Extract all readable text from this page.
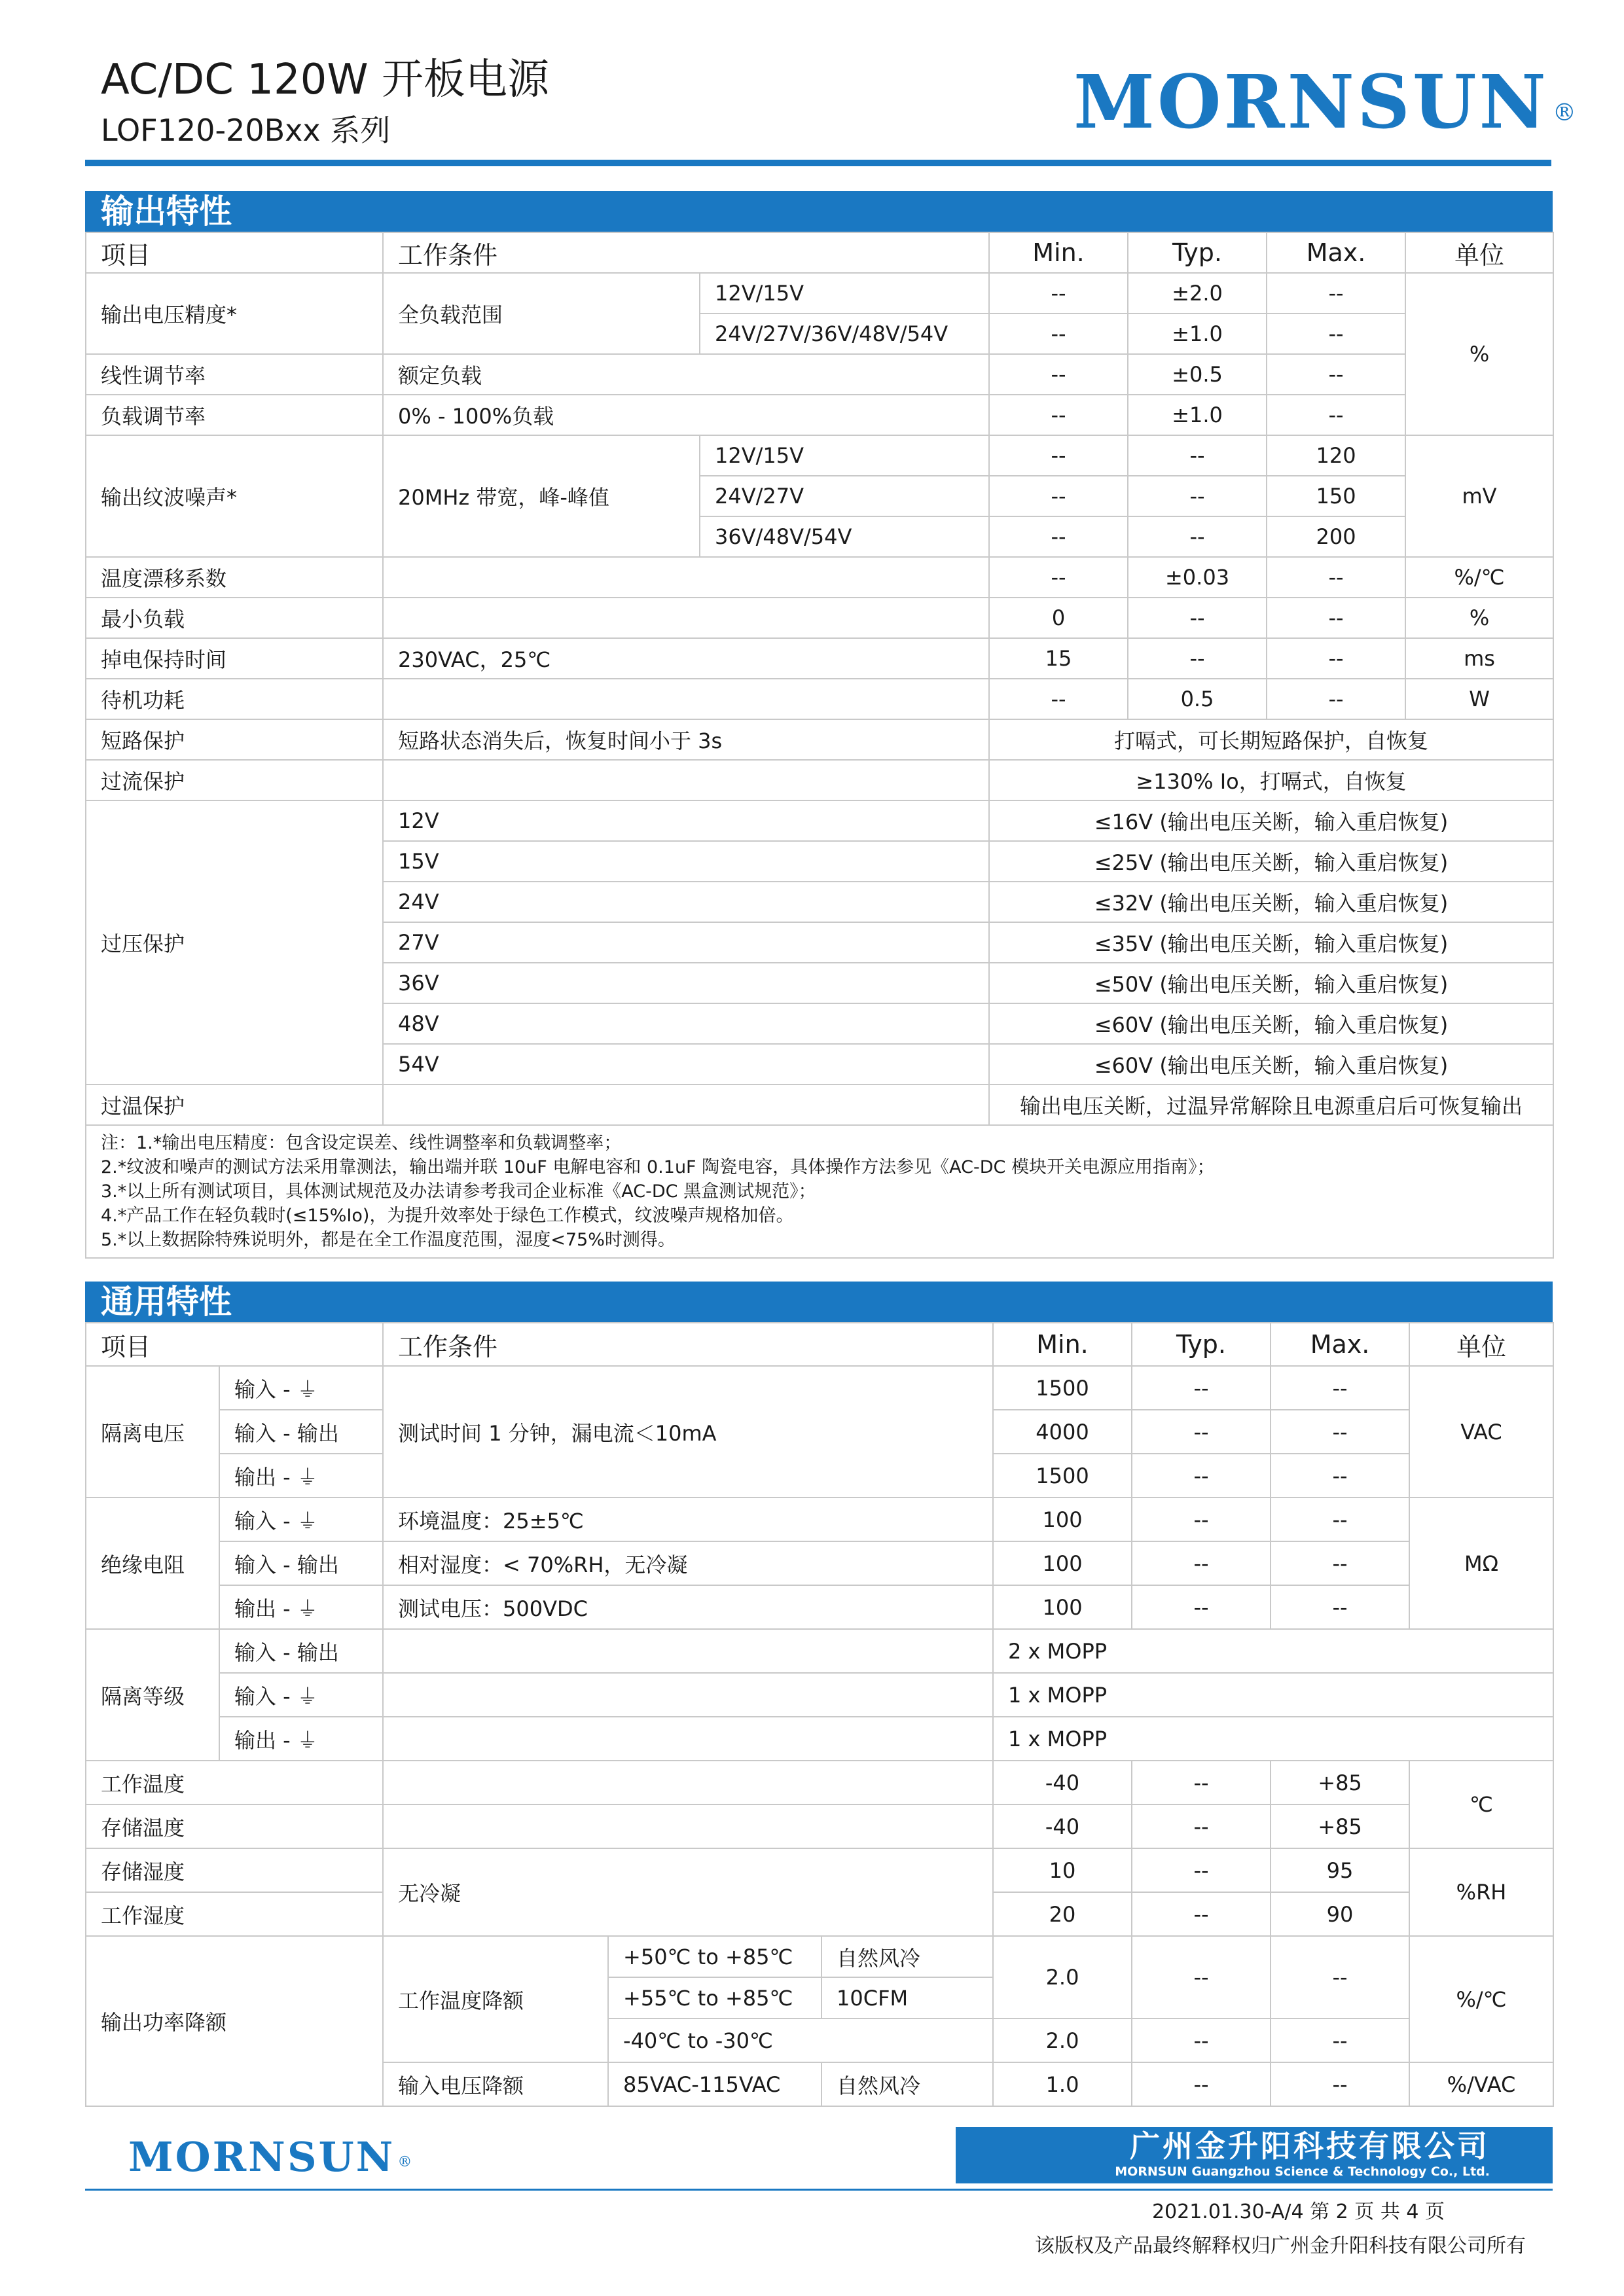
AC/DC 120W 开板电源
LOF120-20Bxx 系列	MORNSUN ®
输出特性
项目	工作条件		Min.	Typ.	Max.	单位
输出电压精度*	全负载范围	12V/15V	--	±2.0	--	%
		24V/27V/36V/48V/54V	--	±1.0	--	
线性调节率	额定负载		--	±0.5	--	
负载调节率	0% - 100%负载		--	±1.0	--	
输出纹波噪声*	20MHz 带宽，峰-峰值	12V/15V	--	--	120	mV
		24V/27V	--	--	150	
		36V/48V/54V	--	--	200	
温度漂移系数			--	±0.03	--	%/℃
最小负载			0	--	--	%
掉电保持时间	230VAC，25℃		15	--	--	ms
待机功耗			--	0.5	--	W
短路保护	短路状态消失后，恢复时间小于 3s		打嗝式，可长期短路保护，自恢复			
过流保护			≥130% Io，打嗝式，自恢复			
过压保护	12V		≤16V (输出电压关断，输入重启恢复)			
	15V		≤25V (输出电压关断，输入重启恢复)			
	24V		≤32V (输出电压关断，输入重启恢复)			
	27V		≤35V (输出电压关断，输入重启恢复)			
	36V		≤50V (输出电压关断，输入重启恢复)			
	48V		≤60V (输出电压关断，输入重启恢复)			
	54V		≤60V (输出电压关断，输入重启恢复)			
过温保护			输出电压关断，过温异常解除且电源重启后可恢复输出			

注：1.*输出电压精度：包含设定误差、线性调整率和负载调整率；
2.*纹波和噪声的测试方法采用靠测法，输出端并联 10uF 电解电容和 0.1uF 陶瓷电容，具体操作方法参见《AC-DC 模块开关电源应用指南》；
3.*以上所有测试项目，具体测试规范及办法请参考我司企业标准《AC-DC 黑盒测试规范》；
4.*产品工作在轻负载时(≤15%Io)，为提升效率处于绿色工作模式，纹波噪声规格加倍。
5.*以上数据除特殊说明外，都是在全工作温度范围，湿度<75%时测得。						
通用特性
项目		工作条件			Min.	Typ.	Max.	单位
隔离电压	输入 - ⏚	测试时间 1 分钟，漏电流＜10mA			1500	--	--	VAC
	输入 - 输出				4000	--	--	
	输出 - ⏚				1500	--	--	
绝缘电阻	输入 - ⏚	环境温度：25±5℃			100	--	--	MΩ
	输入 - 输出	相对湿度：< 70%RH，无冷凝			100	--	--	
	输出 - ⏚	测试电压：500VDC			100	--	--	
隔离等级	输入 - 输出				2 x MOPP			
	输入 - ⏚				1 x MOPP			
	输出 - ⏚				1 x MOPP			
工作温度					-40	--	+85	℃
存储温度					-40	--	+85	
存储湿度		无冷凝			10	--	95	%RH
工作湿度					20	--	90	
输出功率降额		工作温度降额	+50℃ to +85℃	自然风冷	2.0	--	--	%/℃
			+55℃ to +85℃	10CFM				
			-40℃ to -30℃		2.0	--	--	
		输入电压降额	85VAC-115VAC	自然风冷	1.0	--	--	%/VAC
MORNSUN ®	广州金升阳科技有限公司
MORNSUN Guangzhou Science & Technology Co., Ltd.
2021.01.30-A/4 第 2 页 共 4 页
该版权及产品最终解释权归广州金升阳科技有限公司所有
